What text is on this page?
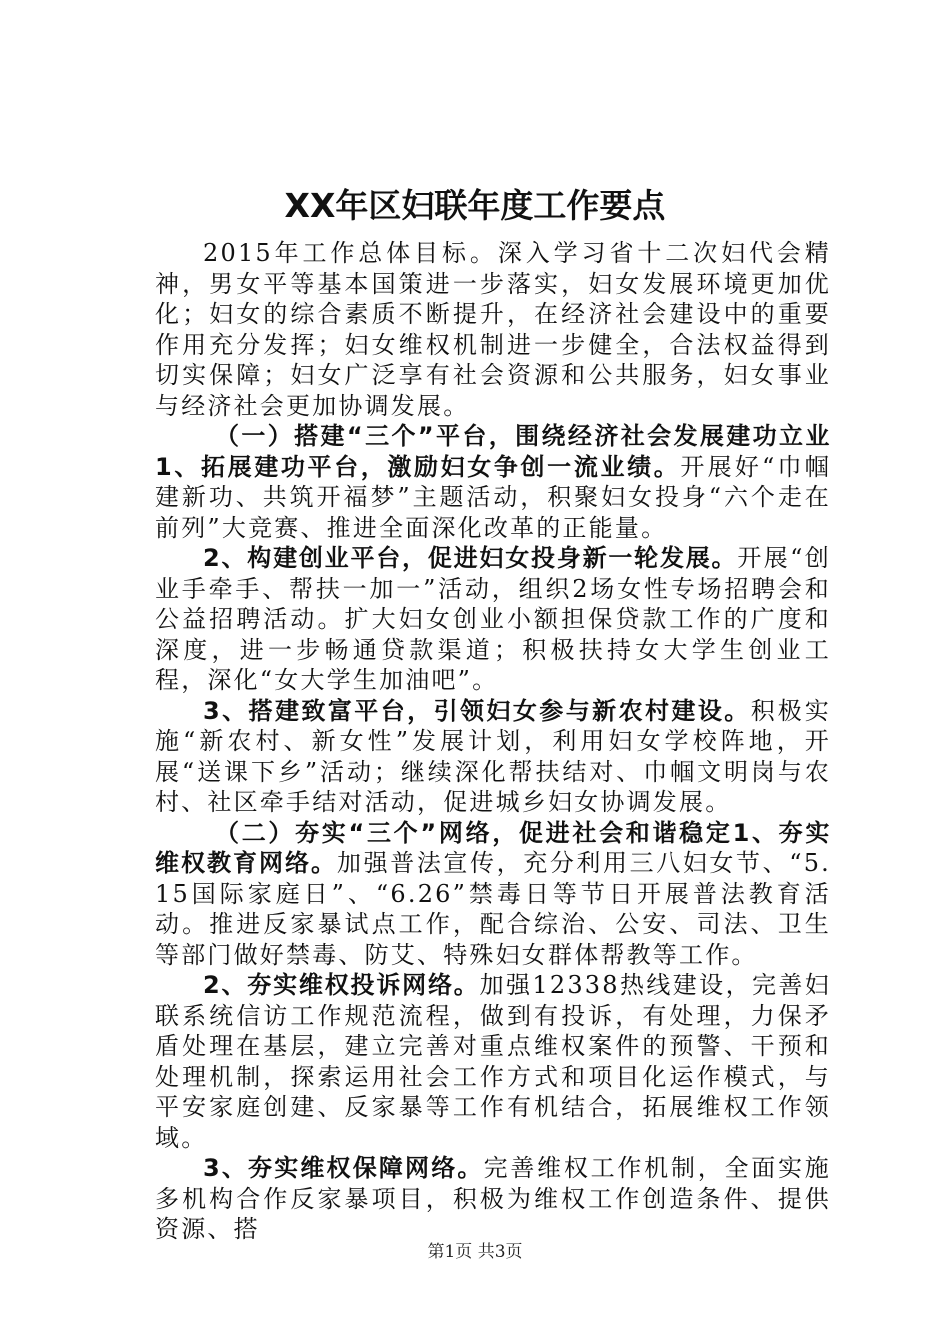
XX年区妇联年度工作要点

2015年工作总体目标。深入学习省十二次妇代会精神，男女平等基本国策进一步落实，妇女发展环境更加优化；妇女的综合素质不断提升，在经济社会建设中的重要作用充分发挥；妇女维权机制进一步健全，合法权益得到切实保障；妇女广泛享有社会资源和公共服务，妇女事业与经济社会更加协调发展。

（一）搭建“三个”平台，围绕经济社会发展建功立业1、拓展建功平台，激励妇女争创一流业绩。开展好“巾帼建新功、共筑开福梦”主题活动，积聚妇女投身“六个走在前列”大竞赛、推进全面深化改革的正能量。

2、构建创业平台，促进妇女投身新一轮发展。开展“创业手牵手、帮扶一加一”活动，组织2场女性专场招聘会和公益招聘活动。扩大妇女创业小额担保贷款工作的广度和深度，进一步畅通贷款渠道；积极扶持女大学生创业工程，深化“女大学生加油吧”。

3、搭建致富平台，引领妇女参与新农村建设。积极实施“新农村、新女性”发展计划，利用妇女学校阵地，开展“送课下乡”活动；继续深化帮扶结对、巾帼文明岗与农村、社区牵手结对活动，促进城乡妇女协调发展。

（二）夯实“三个”网络，促进社会和谐稳定1、夯实维权教育网络。加强普法宣传，充分利用三八妇女节、“5.15国际家庭日”、“6.26”禁毒日等节日开展普法教育活动。推进反家暴试点工作，配合综治、公安、司法、卫生等部门做好禁毒、防艾、特殊妇女群体帮教等工作。

2、夯实维权投诉网络。加强12338热线建设，完善妇联系统信访工作规范流程，做到有投诉，有处理，力保矛盾处理在基层，建立完善对重点维权案件的预警、干预和处理机制，探索运用社会工作方式和项目化运作模式，与平安家庭创建、反家暴等工作有机结合，拓展维权工作领域。

3、夯实维权保障网络。完善维权工作机制，全面实施多机构合作反家暴项目，积极为维权工作创造条件、提供资源、搭

第1页 共3页
